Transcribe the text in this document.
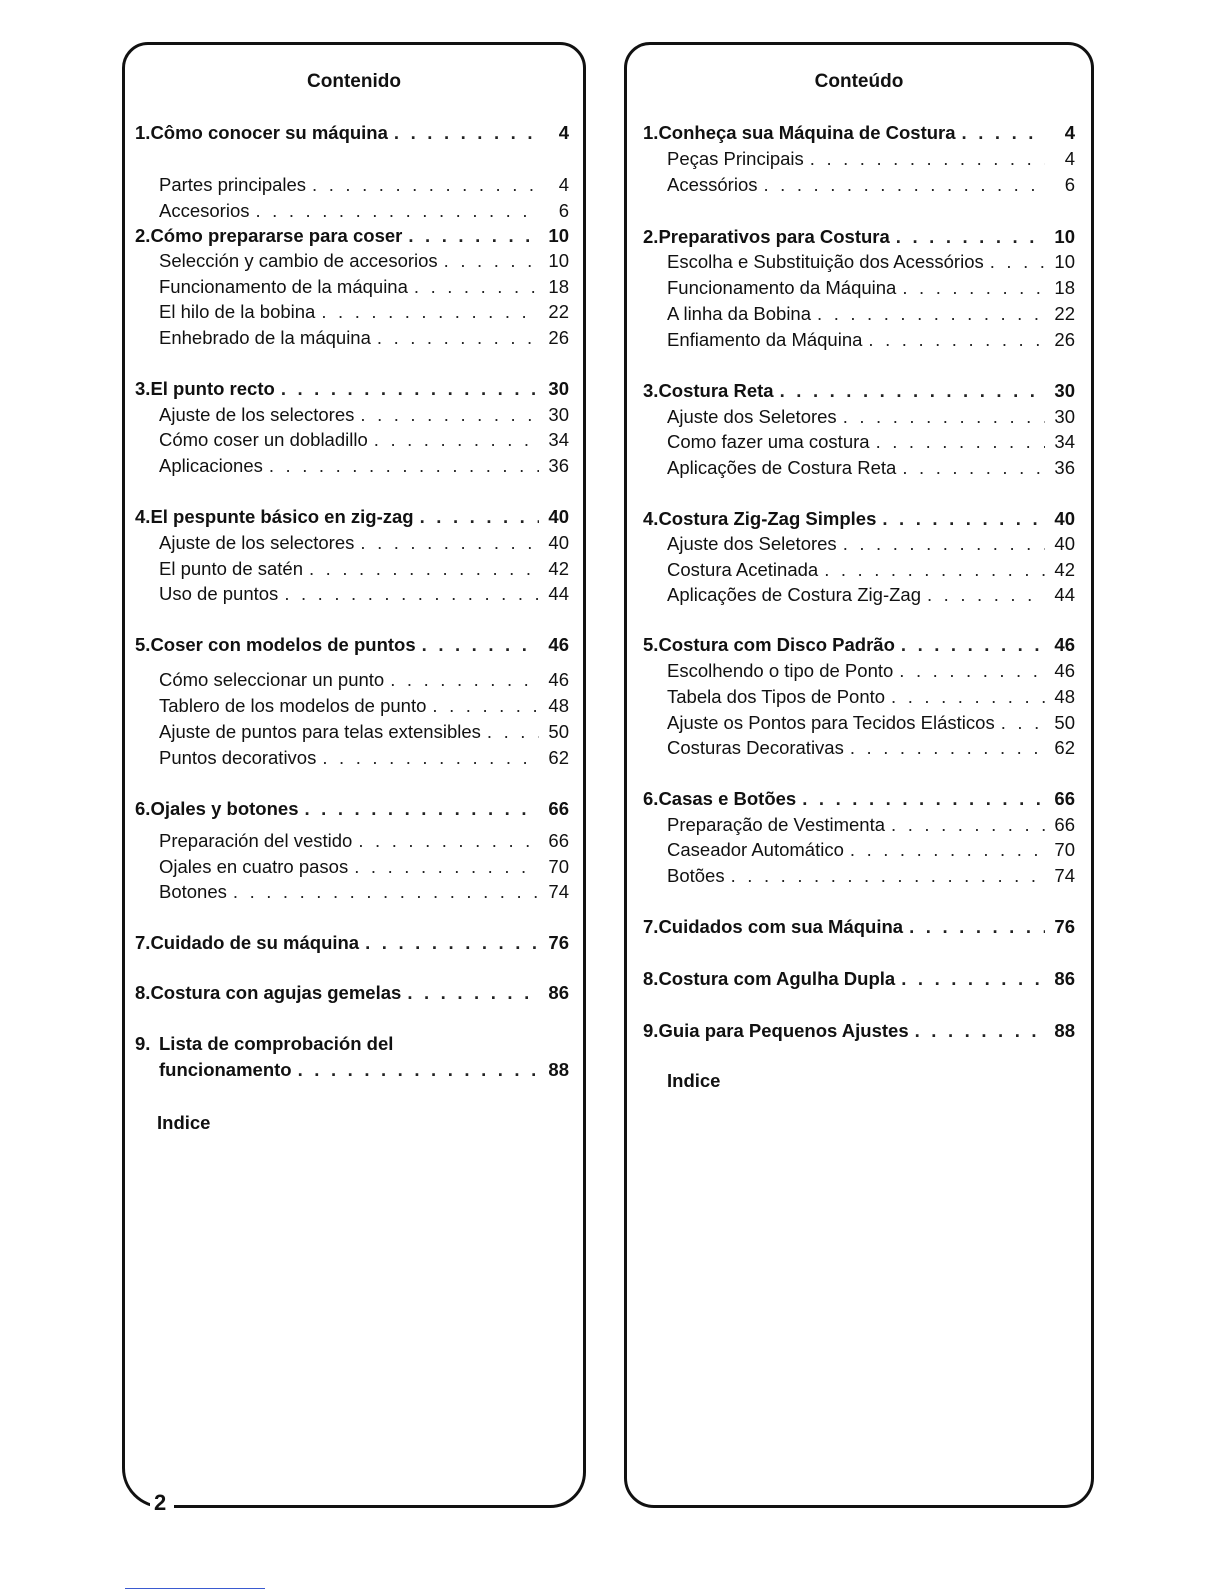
Contenido
1. Cômo conocer su máquina . . .	4
Partes principales . . .	4
Accesorios . . .	6
2. Cómo prepararse para coser . . .	10
Selección y cambio de accesorios . . .	10
Funcionamento de la máquina . . .	18
El hilo de la bobina . . .	22
Enhebrado de la máquina . . .	26
3. El punto recto . . .	30
Ajuste de los selectores . . .	30
Cómo coser un dobladillo . . .	34
Aplicaciones . . .	36
4. El pespunte básico en zig-zag . . .	40
Ajuste de los selectores . . .	40
El punto de satén . . .	42
Uso de puntos . . .	44
5. Coser con modelos de puntos . . .	46
Cómo seleccionar un punto . . .	46
Tablero de los modelos de punto . . .	48
Ajuste de puntos para telas extensibles . . .	50
Puntos decorativos . . .	62
6. Ojales y botones . . .	66
Preparación del vestido . . .	66
Ojales en cuatro pasos . . .	70
Botones . . .	74
7. Cuidado de su máquina . . .	76
8. Costura con agujas gemelas . . .	86
9. Lista de comprobación del
funcionamento . . .	88
Indice
Conteúdo
1. Conheça sua Máquina de Costura . . .	4
Peças Principais . . .	4
Acessórios . . .	6
2. Preparativos para Costura . . .	10
Escolha e Substituição dos Acessórios . . .	10
Funcionamento da Máquina . . .	18
A linha da Bobina . . .	22
Enfiamento da Máquina . . .	26
3. Costura Reta . . .	30
Ajuste dos Seletores . . .	30
Como fazer uma costura . . .	34
Aplicações de Costura Reta . . .	36
4. Costura Zig-Zag Simples . . .	40
Ajuste dos Seletores . . .	40
Costura Acetinada . . .	42
Aplicações de Costura Zig-Zag . . .	44
5. Costura com Disco Padrão . . .	46
Escolhendo o tipo de Ponto . . .	46
Tabela dos Tipos de Ponto . . .	48
Ajuste os Pontos para Tecidos Elásticos . . .	50
Costuras Decorativas . . .	62
6. Casas e Botões . . .	66
Preparação de Vestimenta . . .	66
Caseador Automático . . .	70
Botões . . .	74
7. Cuidados com sua Máquina . . .	76
8. Costura com Agulha Dupla . . .	86
9. Guia para Pequenos Ajustes . . .	88
Indice
2
